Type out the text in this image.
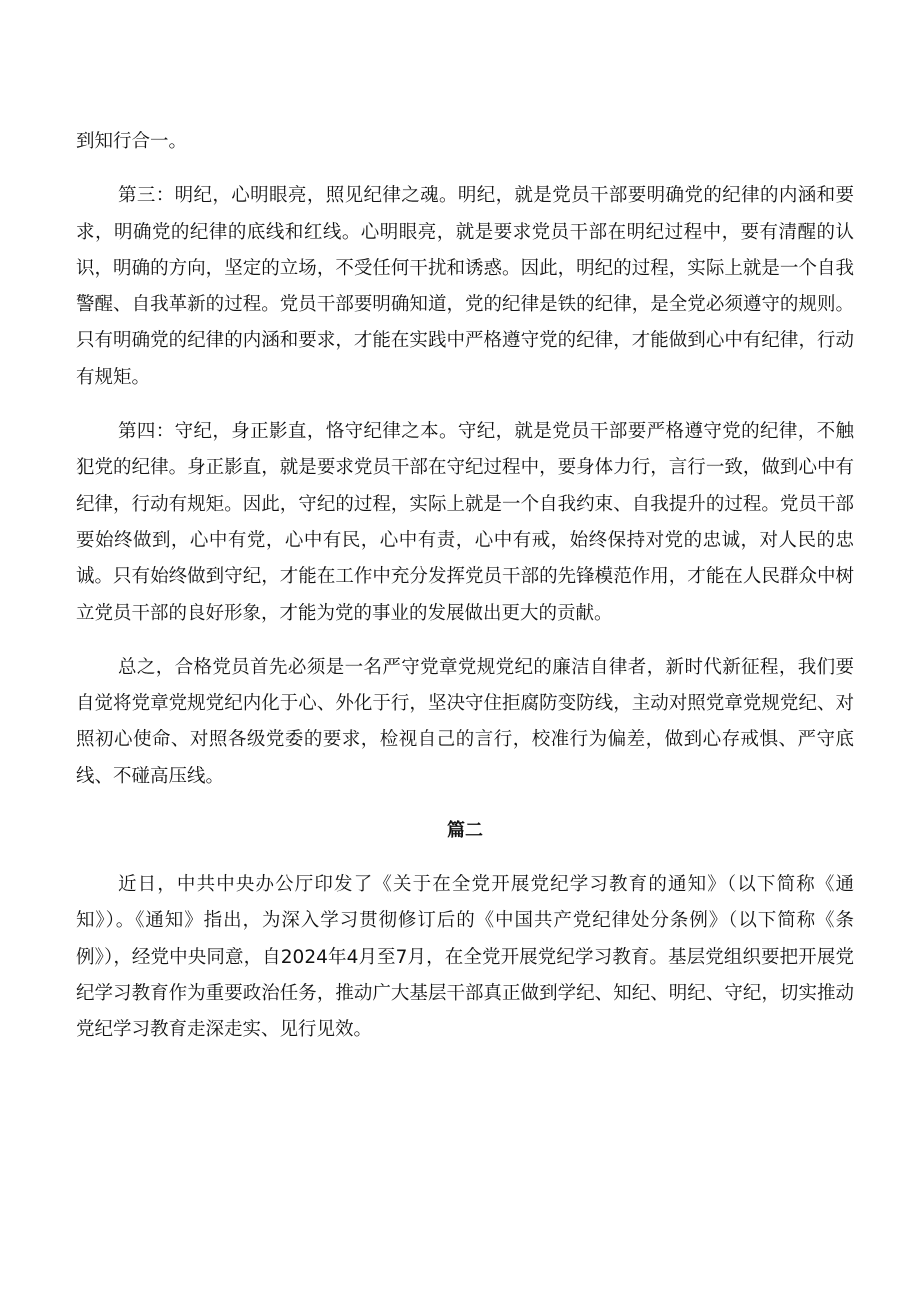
到知行合一。

第三：明纪，心明眼亮，照见纪律之魂。明纪，就是党员干部要明确党的纪律的内涵和要求，明确党的纪律的底线和红线。心明眼亮，就是要求党员干部在明纪过程中，要有清醒的认识，明确的方向，坚定的立场，不受任何干扰和诱惑。因此，明纪的过程，实际上就是一个自我警醒、自我革新的过程。党员干部要明确知道，党的纪律是铁的纪律，是全党必须遵守的规则。只有明确党的纪律的内涵和要求，才能在实践中严格遵守党的纪律，才能做到心中有纪律，行动有规矩。

第四：守纪，身正影直，恪守纪律之本。守纪，就是党员干部要严格遵守党的纪律，不触犯党的纪律。身正影直，就是要求党员干部在守纪过程中，要身体力行，言行一致，做到心中有纪律，行动有规矩。因此，守纪的过程，实际上就是一个自我约束、自我提升的过程。党员干部要始终做到，心中有党，心中有民，心中有责，心中有戒，始终保持对党的忠诚，对人民的忠诚。只有始终做到守纪，才能在工作中充分发挥党员干部的先锋模范作用，才能在人民群众中树立党员干部的良好形象，才能为党的事业的发展做出更大的贡献。

总之，合格党员首先必须是一名严守党章党规党纪的廉洁自律者，新时代新征程，我们要自觉将党章党规党纪内化于心、外化于行，坚决守住拒腐防变防线，主动对照党章党规党纪、对照初心使命、对照各级党委的要求，检视自己的言行，校准行为偏差，做到心存戒惧、严守底线、不碰高压线。

篇二

近日，中共中央办公厅印发了《关于在全党开展党纪学习教育的通知》（以下简称《通知》）。《通知》指出，为深入学习贯彻修订后的《中国共产党纪律处分条例》（以下简称《条例》），经党中央同意，自2024年4月至7月，在全党开展党纪学习教育。基层党组织要把开展党纪学习教育作为重要政治任务，推动广大基层干部真正做到学纪、知纪、明纪、守纪，切实推动党纪学习教育走深走实、见行见效。
